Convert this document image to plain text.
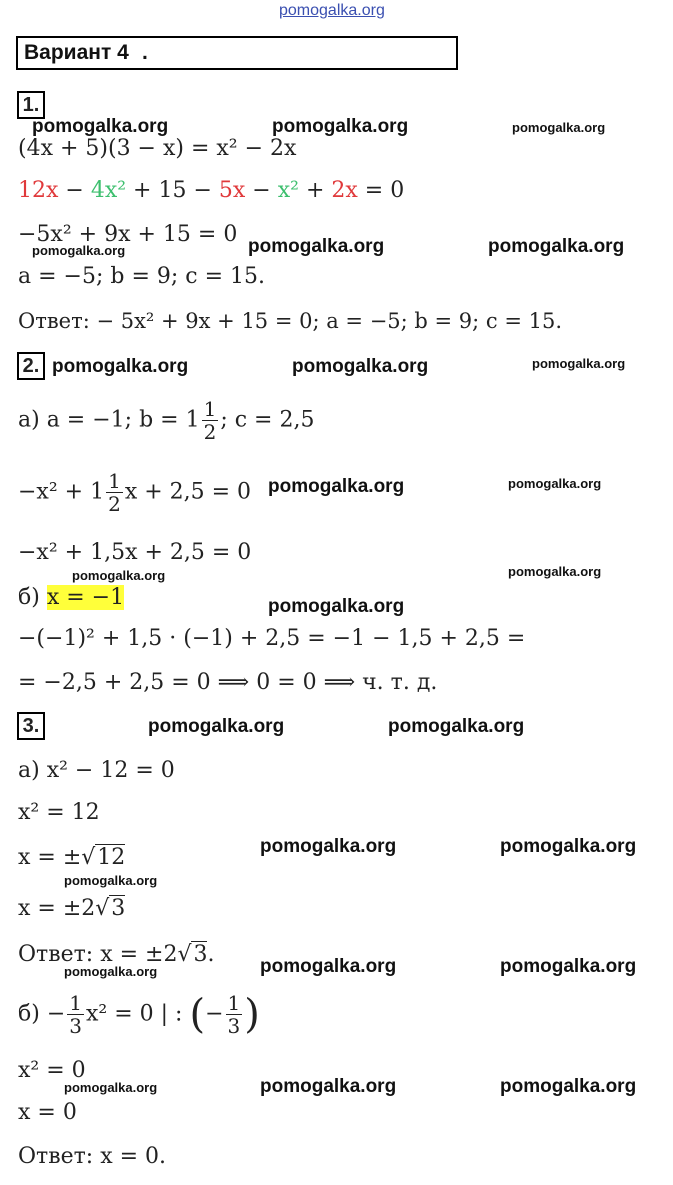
pomogalka.org
Вариант 4 .
1.
pomogalka.org	pomogalka.org	pomogalka.org
(4x + 5)(3 − x) = x² − 2x
12x − 4x² + 15 − 5x − x² + 2x = 0
−5x² + 9x + 15 = 0
pomogalka.org	pomogalka.org	pomogalka.org
a = −5; b = 9; c = 15.
Ответ: − 5x² + 9x + 15 = 0; a = −5; b = 9; c = 15.
2. pomogalka.org	pomogalka.org	pomogalka.org
а) a = −1; $b = 1 \frac{1}{2}$ ; c = 2,5
$-x^2 + 1 \frac{1}{2}$ x + 2,5 = 0 pomogalka.org	pomogalka.org
−x² + 1,5x + 2,5 = 0
pomogalka.org	pomogalka.org
б) x = −1	pomogalka.org
−(−1)² + 1,5 · (−1) + 2,5 = −1 − 1,5 + 2,5 =
= −2,5 + 2,5 = 0 ⟹ 0 = 0 ⟹ ч. т. д.
3.	pomogalka.org	pomogalka.org
а) x² − 12 = 0
x² = 12
x = ±√12	pomogalka.org	pomogalka.org
pomogalka.org
x = ±2√3
Ответ: x = ±2√3.
pomogalka.org	pomogalka.org	pomogalka.org
$б) - \frac{1}{3} x^2 = 0$ | : (− $\frac{1}{3}$ )
x² = 0
pomogalka.org	pomogalka.org	pomogalka.org
x = 0
Ответ: x = 0.
